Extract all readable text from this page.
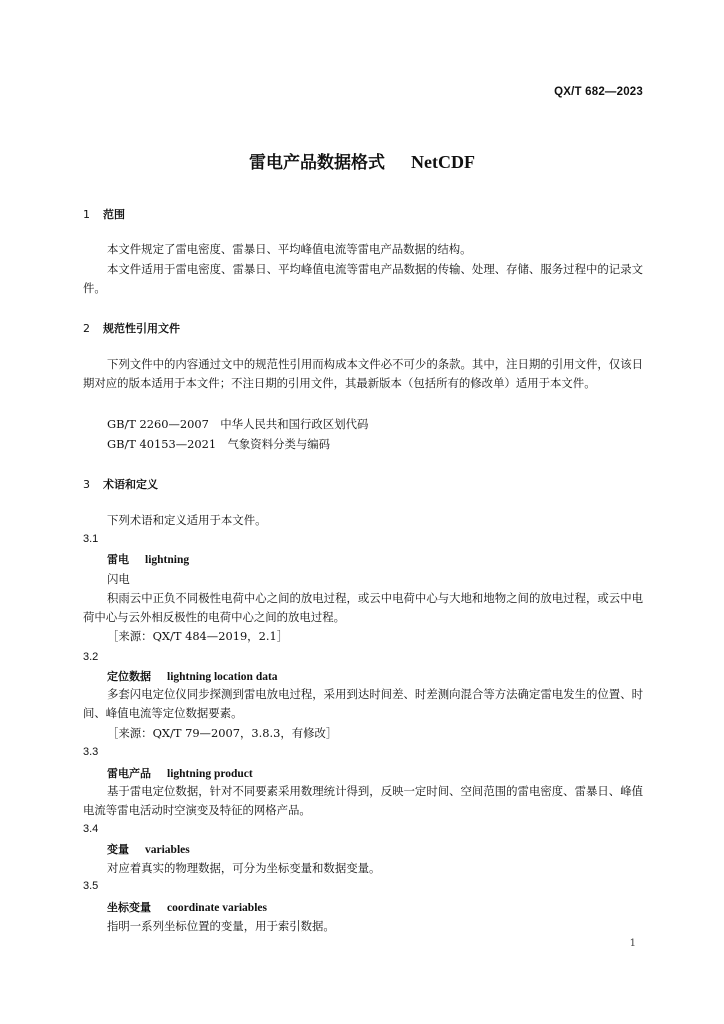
QX/T 682—2023
雷电产品数据格式 NetCDF
1 范围

本文件规定了雷电密度、雷暴日、平均峰值电流等雷电产品数据的结构。

本文件适用于雷电密度、雷暴日、平均峰值电流等雷电产品数据的传输、处理、存储、服务过程中的记录文件。

2 规范性引用文件

下列文件中的内容通过文中的规范性引用而构成本文件必不可少的条款。其中，注日期的引用文件，仅该日期对应的版本适用于本文件；不注日期的引用文件，其最新版本（包括所有的修改单）适用于本文件。

GB/T 2260—2007　中华人民共和国行政区划代码
GB/T 40153—2021　气象资料分类与编码
3 术语和定义
下列术语和定义适用于本文件。
3.1
雷电 lightning
闪电

积雨云中正负不同极性电荷中心之间的放电过程，或云中电荷中心与大地和地物之间的放电过程，或云中电荷中心与云外相反极性的电荷中心之间的放电过程。

［来源：QX/T 484—2019，2.1］
3.2
定位数据 lightning location data

多套闪电定位仪同步探测到雷电放电过程，采用到达时间差、时差测向混合等方法确定雷电发生的位置、时间、峰值电流等定位数据要素。

［来源：QX/T 79—2007，3.8.3，有修改］
3.3
雷电产品 lightning product

基于雷电定位数据，针对不同要素采用数理统计得到，反映一定时间、空间范围的雷电密度、雷暴日、峰值电流等雷电活动时空演变及特征的网格产品。

3.4
变量 variables
对应着真实的物理数据，可分为坐标变量和数据变量。
3.5
坐标变量 coordinate variables
指明一系列坐标位置的变量，用于索引数据。
1
